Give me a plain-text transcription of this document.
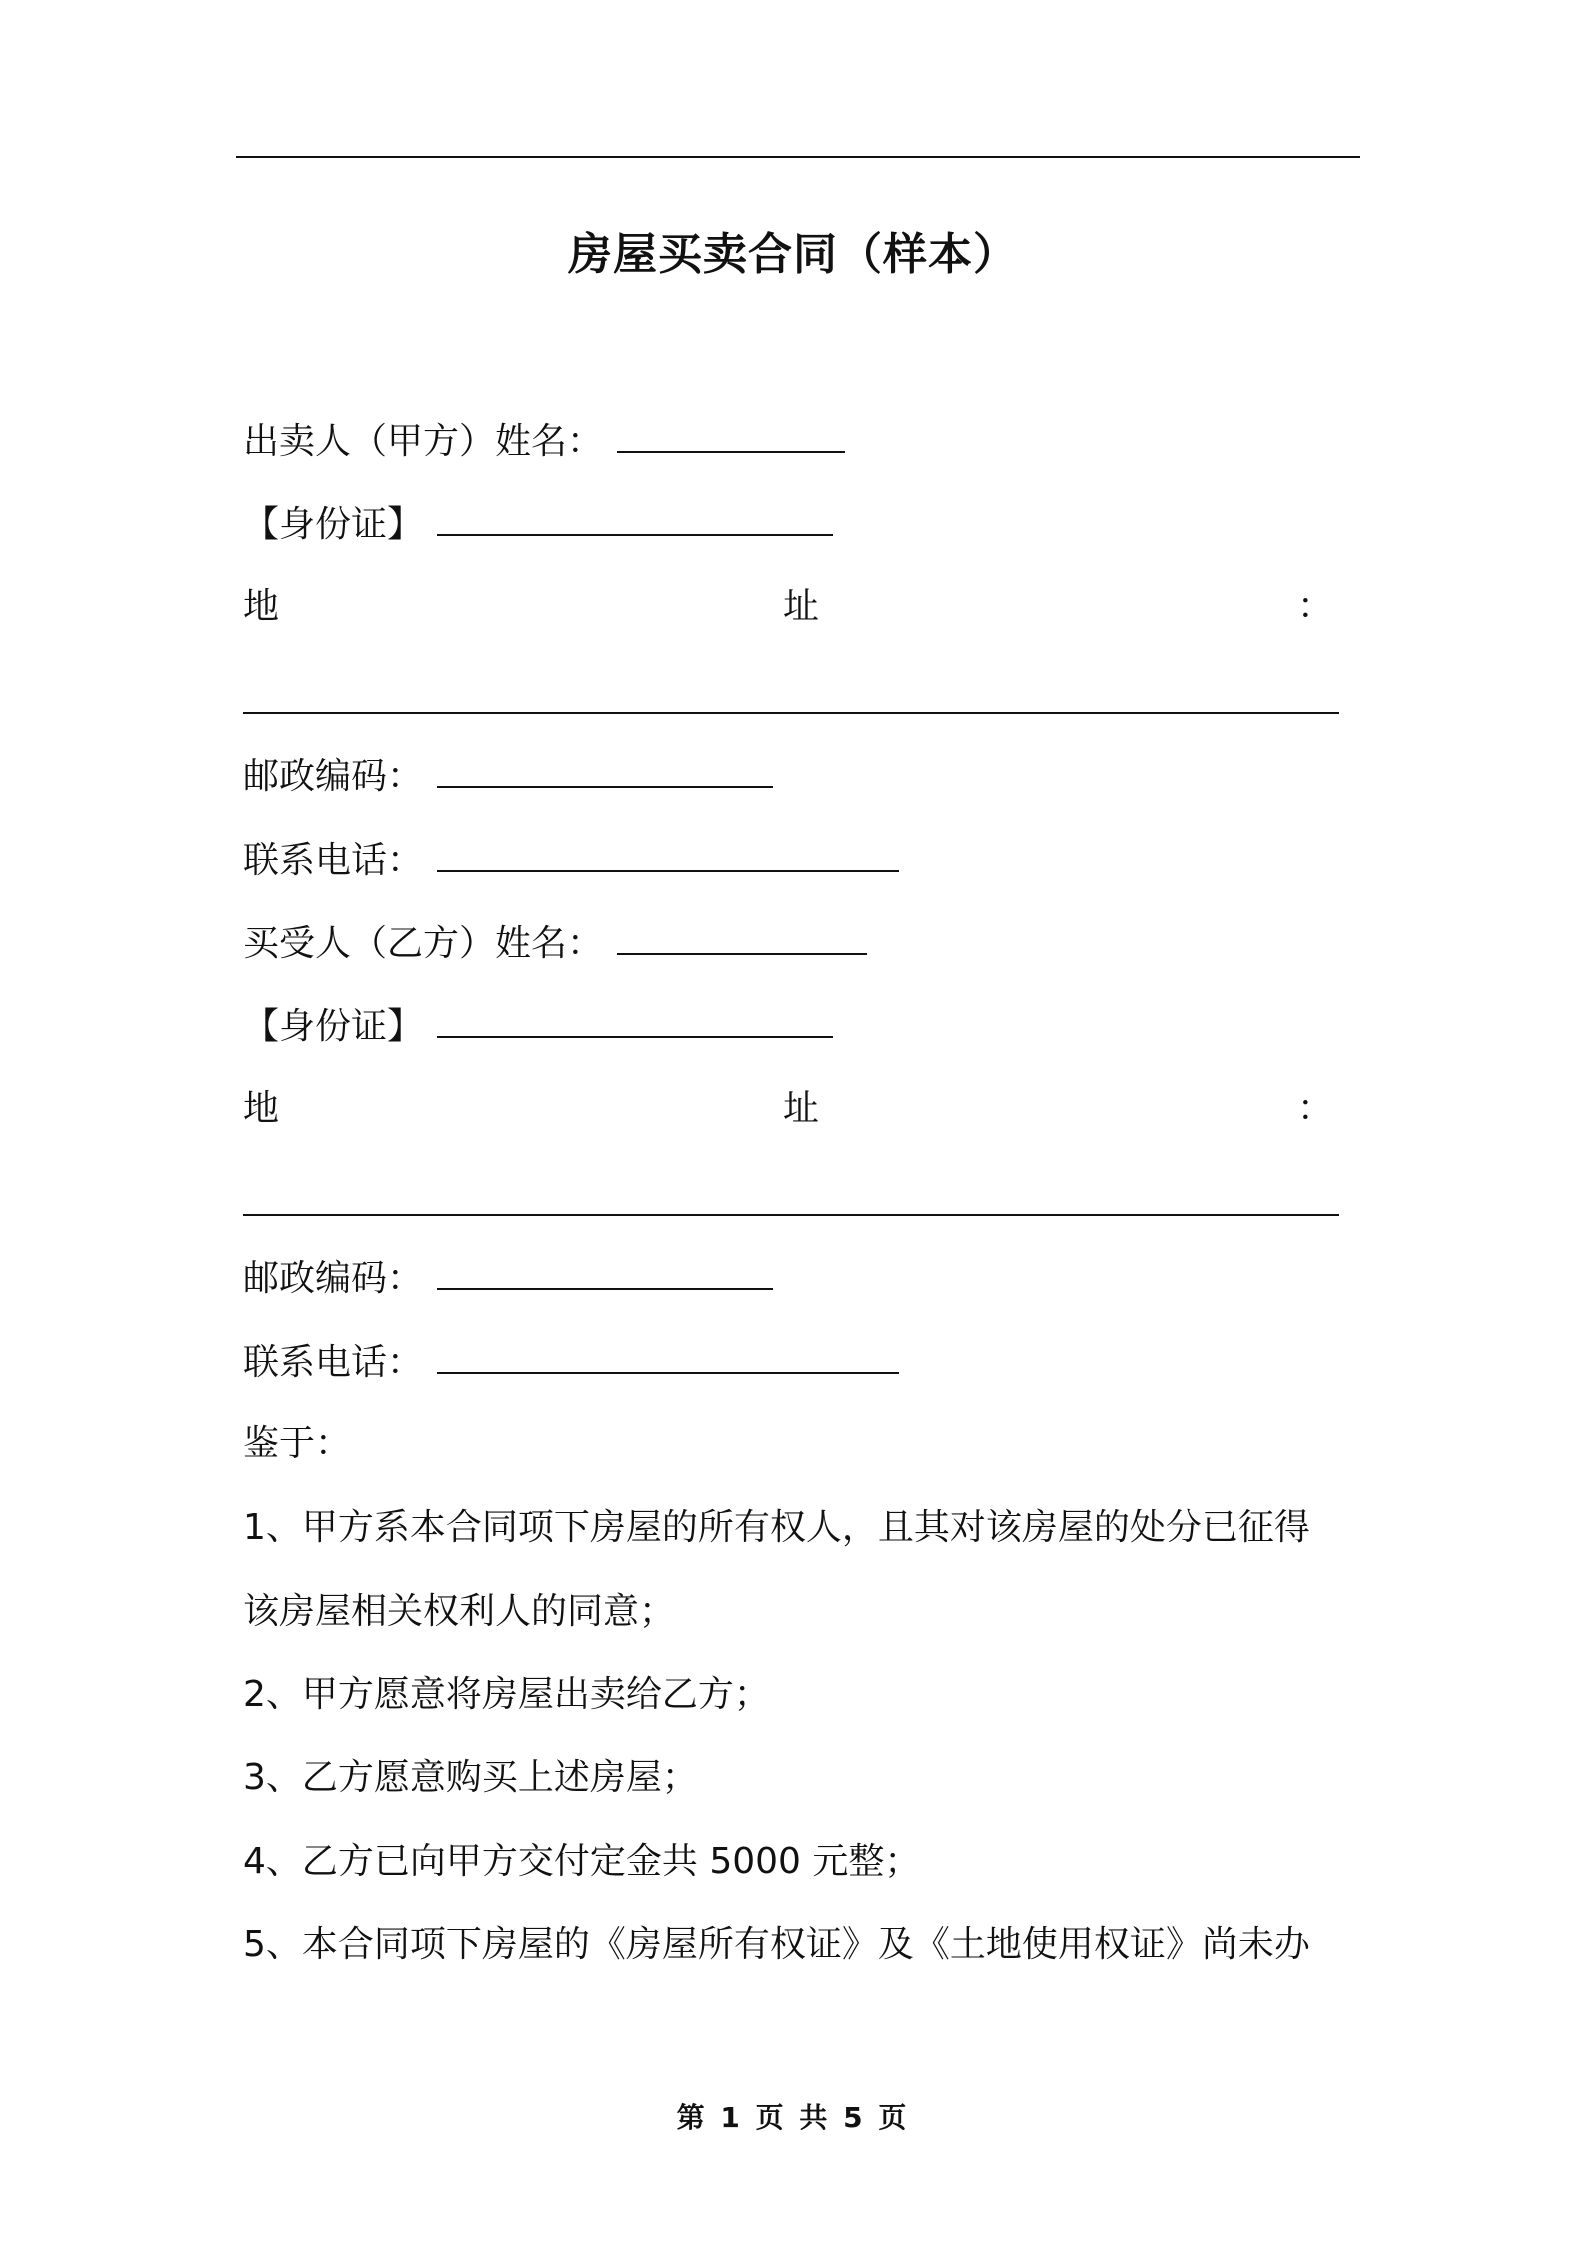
房屋买卖合同（样本）
出卖人（甲方）姓名：
【身份证】
地	址	：
邮政编码：
联系电话：
买受人（乙方）姓名：
【身份证】
地	址	：
邮政编码：
联系电话：
鉴于：
1、甲方系本合同项下房屋的所有权人，且其对该房屋的处分已征得
该房屋相关权利人的同意；
2、甲方愿意将房屋出卖给乙方；
3、乙方愿意购买上述房屋；
4、乙方已向甲方交付定金共 5000 元整；
5、本合同项下房屋的《房屋所有权证》及《土地使用权证》尚未办
第 1 页 共 5 页
